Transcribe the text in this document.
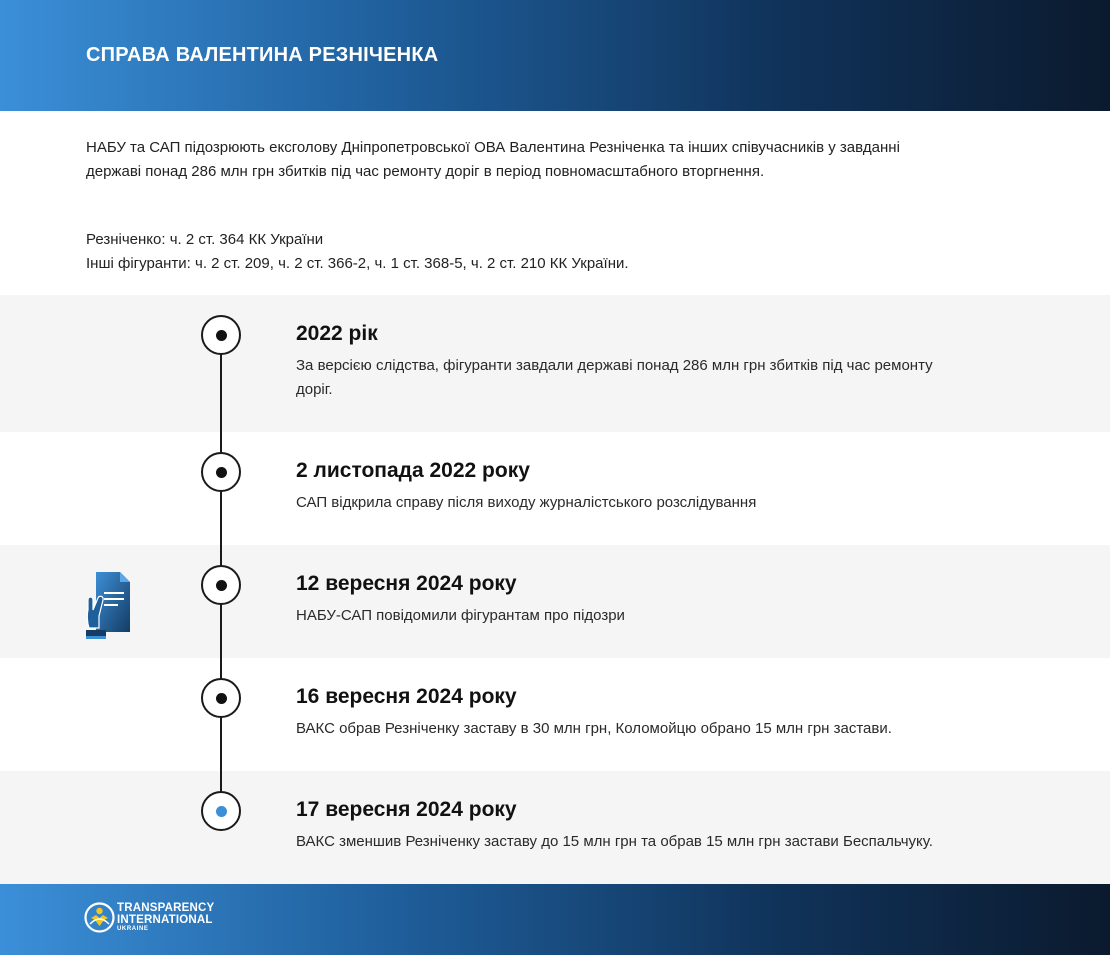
СПРАВА ВАЛЕНТИНА РЕЗНІЧЕНКА
НАБУ та САП підозрюють ексголову Дніпропетровської ОВА Валентина Резніченка та інших співучасників у завданні
державі понад 286 млн грн збитків під час ремонту доріг в період повномасштабного вторгнення.
Резніченко: ч. 2 ст. 364 КК України
Інші фігуранти: ч. 2 ст. 209, ч. 2 ст. 366-2, ч. 1 ст. 368-5, ч. 2 ст. 210 КК України.
2022 рік
За версією слідства, фігуранти завдали державі понад 286 млн грн збитків під час ремонту
доріг.
2 листопада 2022 року
САП відкрила справу після виходу журналістського розслідування
12 вересня 2024 року
НАБУ-САП повідомили фігурантам про підозри
16 вересня 2024 року
ВАКС обрав Резніченку заставу в 30 млн грн, Коломойцю обрано 15 млн грн застави.
17 вересня 2024 року
ВАКС зменшив Резніченку заставу до 15 млн грн та обрав 15 млн грн застави Беспальчуку.
TRANSPARENCY
INTERNATIONAL
UKRAINE
